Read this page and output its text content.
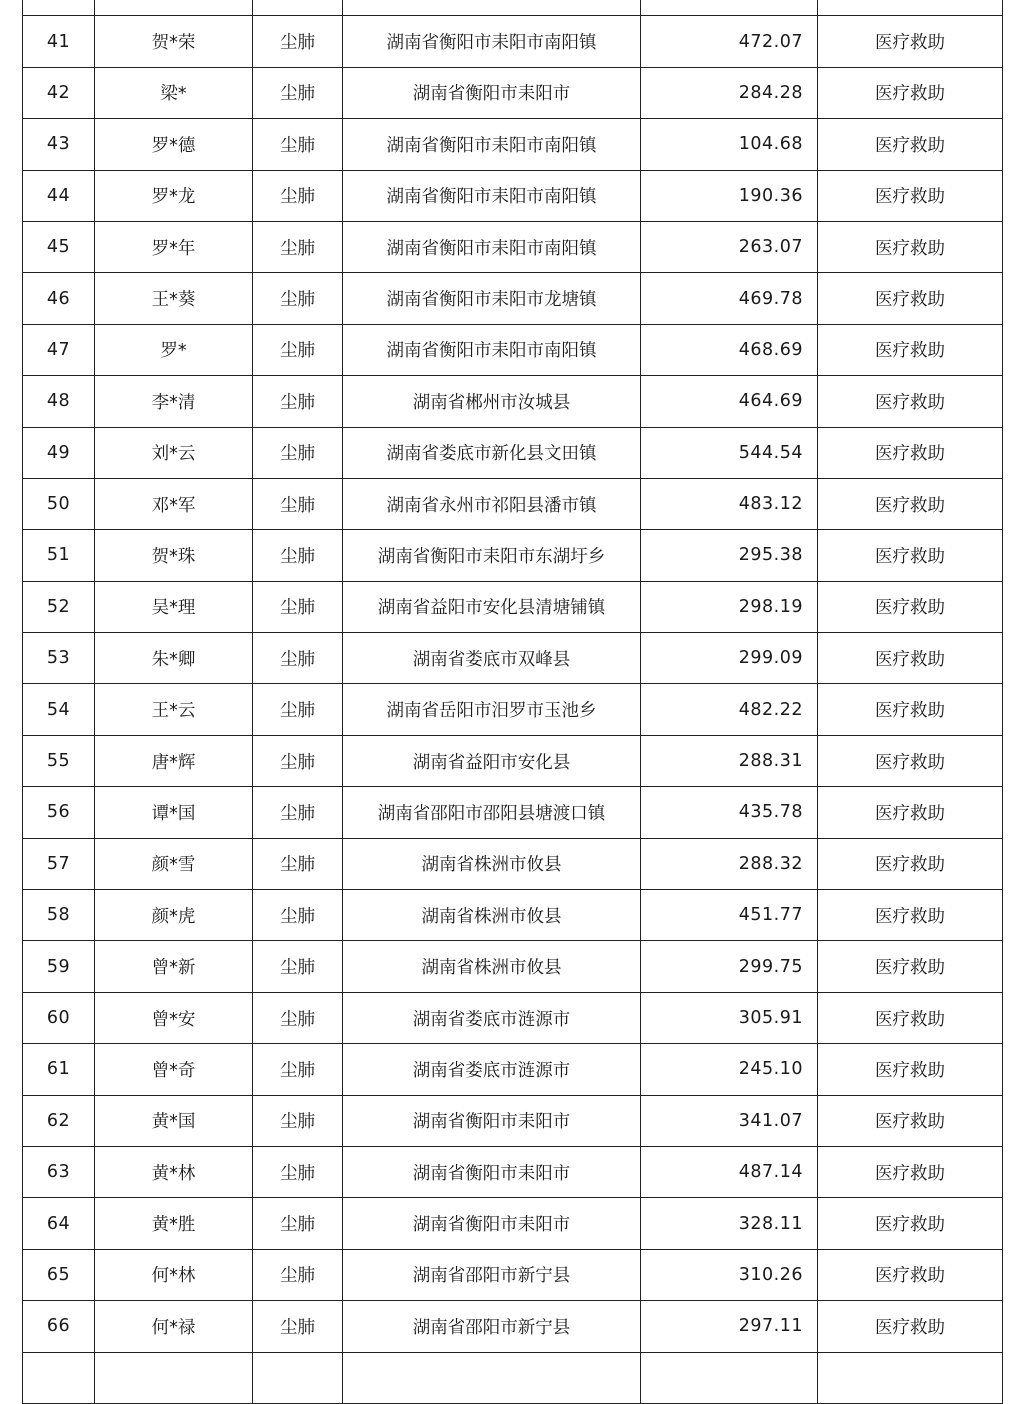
41	贺*荣	尘肺	湖南省衡阳市耒阳市南阳镇	472.07	医疗救助
42	梁*	尘肺	湖南省衡阳市耒阳市	284.28	医疗救助
43	罗*德	尘肺	湖南省衡阳市耒阳市南阳镇	104.68	医疗救助
44	罗*龙	尘肺	湖南省衡阳市耒阳市南阳镇	190.36	医疗救助
45	罗*年	尘肺	湖南省衡阳市耒阳市南阳镇	263.07	医疗救助
46	王*葵	尘肺	湖南省衡阳市耒阳市龙塘镇	469.78	医疗救助
47	罗*	尘肺	湖南省衡阳市耒阳市南阳镇	468.69	医疗救助
48	李*清	尘肺	湖南省郴州市汝城县	464.69	医疗救助
49	刘*云	尘肺	湖南省娄底市新化县文田镇	544.54	医疗救助
50	邓*军	尘肺	湖南省永州市祁阳县潘市镇	483.12	医疗救助
51	贺*珠	尘肺	湖南省衡阳市耒阳市东湖圩乡	295.38	医疗救助
52	吴*理	尘肺	湖南省益阳市安化县清塘铺镇	298.19	医疗救助
53	朱*卿	尘肺	湖南省娄底市双峰县	299.09	医疗救助
54	王*云	尘肺	湖南省岳阳市汨罗市玉池乡	482.22	医疗救助
55	唐*辉	尘肺	湖南省益阳市安化县	288.31	医疗救助
56	谭*国	尘肺	湖南省邵阳市邵阳县塘渡口镇	435.78	医疗救助
57	颜*雪	尘肺	湖南省株洲市攸县	288.32	医疗救助
58	颜*虎	尘肺	湖南省株洲市攸县	451.77	医疗救助
59	曾*新	尘肺	湖南省株洲市攸县	299.75	医疗救助
60	曾*安	尘肺	湖南省娄底市涟源市	305.91	医疗救助
61	曾*奇	尘肺	湖南省娄底市涟源市	245.10	医疗救助
62	黄*国	尘肺	湖南省衡阳市耒阳市	341.07	医疗救助
63	黄*林	尘肺	湖南省衡阳市耒阳市	487.14	医疗救助
64	黄*胜	尘肺	湖南省衡阳市耒阳市	328.11	医疗救助
65	何*林	尘肺	湖南省邵阳市新宁县	310.26	医疗救助
66	何*禄	尘肺	湖南省邵阳市新宁县	297.11	医疗救助
